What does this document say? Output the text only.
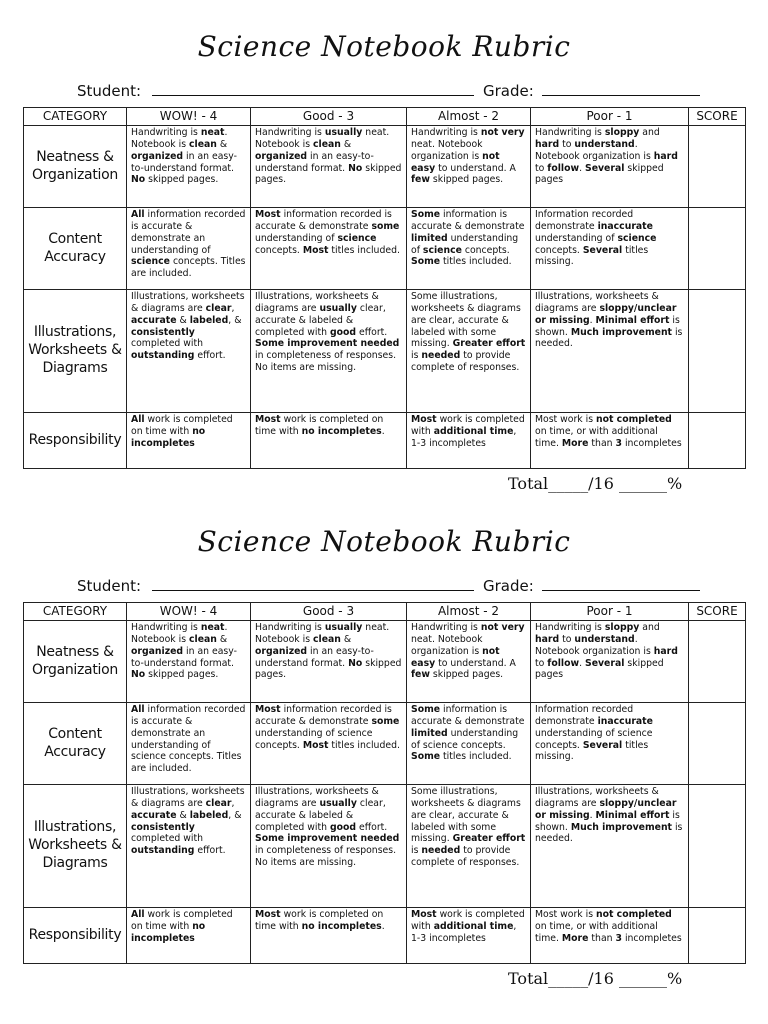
Science Notebook Rubric
Student:	Grade:
CATEGORY	WOW! - 4	Good - 3	Almost - 2	Poor - 1	SCORE
Neatness & Organization	Handwriting is neat. Notebook is clean & organized in an easy-to-understand format. No skipped pages.	Handwriting is usually neat. Notebook is clean & organized in an easy-to-understand format. No skipped pages.	Handwriting is not very neat. Notebook organization is not easy to understand. A few skipped pages.	Handwriting is sloppy and hard to understand. Notebook organization is hard to follow. Several skipped pages	
Content Accuracy	All information recorded is accurate & demonstrate an understanding of science concepts. Titles are included.	Most information recorded is accurate & demonstrate some understanding of science concepts. Most titles included.	Some information is accurate & demonstrate limited understanding of science concepts. Some titles included.	Information recorded demonstrate inaccurate understanding of science concepts. Several titles missing.	
Illustrations, Worksheets & Diagrams	Illustrations, worksheets & diagrams are clear, accurate & labeled, & consistently completed with outstanding effort.	Illustrations, worksheets & diagrams are usually clear, accurate & labeled & completed with good effort. Some improvement needed in completeness of responses. No items are missing.	Some illustrations, worksheets & diagrams are clear, accurate & labeled with some missing. Greater effort is needed to provide complete of responses.	Illustrations, worksheets & diagrams are sloppy/unclear or missing. Minimal effort is shown. Much improvement is needed.	
Responsibility	All work is completed on time with no incompletes	Most work is completed on time with no incompletes.	Most work is completed with additional time, 1-3 incompletes	Most work is not completed on time, or with additional time. More than 3 incompletes	
Total_____/16 ______%
Science Notebook Rubric
Student:	Grade:
CATEGORY	WOW! - 4	Good - 3	Almost - 2	Poor - 1	SCORE
Neatness & Organization	Handwriting is neat. Notebook is clean & organized in an easy-to-understand format. No skipped pages.	Handwriting is usually neat. Notebook is clean & organized in an easy-to-understand format. No skipped pages.	Handwriting is not very neat. Notebook organization is not easy to understand. A few skipped pages.	Handwriting is sloppy and hard to understand. Notebook organization is hard to follow. Several skipped pages	
Content Accuracy	All information recorded is accurate & demonstrate an understanding of science concepts. Titles are included.	Most information recorded is accurate & demonstrate some understanding of science concepts. Most titles included.	Some information is accurate & demonstrate limited understanding of science concepts. Some titles included.	Information recorded demonstrate inaccurate understanding of science concepts. Several titles missing.	
Illustrations, Worksheets & Diagrams	Illustrations, worksheets & diagrams are clear, accurate & labeled, & consistently completed with outstanding effort.	Illustrations, worksheets & diagrams are usually clear, accurate & labeled & completed with good effort. Some improvement needed in completeness of responses. No items are missing.	Some illustrations, worksheets & diagrams are clear, accurate & labeled with some missing. Greater effort is needed to provide complete of responses.	Illustrations, worksheets & diagrams are sloppy/unclear or missing. Minimal effort is shown. Much improvement is needed.	
Responsibility	All work is completed on time with no incompletes	Most work is completed on time with no incompletes.	Most work is completed with additional time, 1-3 incompletes	Most work is not completed on time, or with additional time. More than 3 incompletes	
Total_____/16 ______%
